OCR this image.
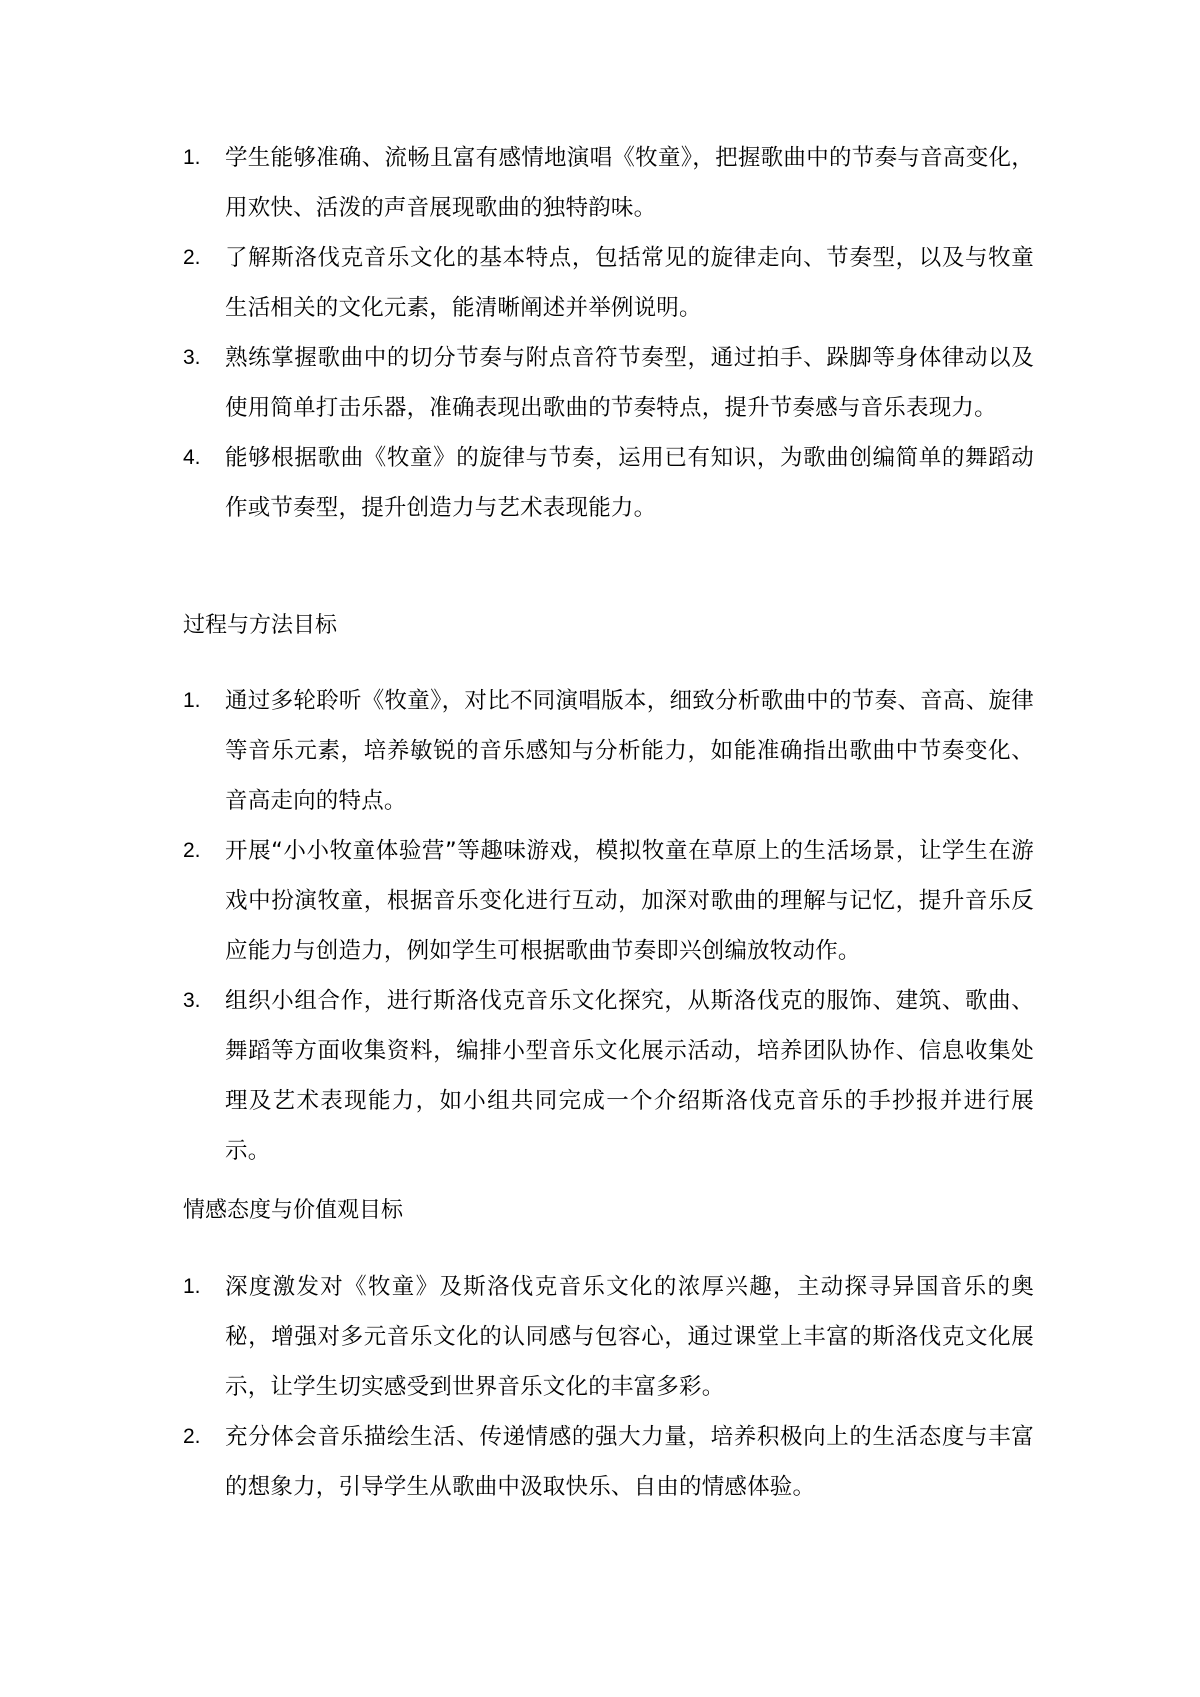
1. 学生能够准确、流畅且富有感情地演唱《牧童》，把握歌曲中的节奏与音高变化，用欢快、活泼的声音展现歌曲的独特韵味。
2. 了解斯洛伐克音乐文化的基本特点，包括常见的旋律走向、节奏型，以及与牧童生活相关的文化元素，能清晰阐述并举例说明。
3. 熟练掌握歌曲中的切分节奏与附点音符节奏型，通过拍手、跺脚等身体律动以及使用简单打击乐器，准确表现出歌曲的节奏特点，提升节奏感与音乐表现力。
4. 能够根据歌曲《牧童》的旋律与节奏，运用已有知识，为歌曲创编简单的舞蹈动作或节奏型，提升创造力与艺术表现能力。
过程与方法目标
1. 通过多轮聆听《牧童》，对比不同演唱版本，细致分析歌曲中的节奏、音高、旋律等音乐元素，培养敏锐的音乐感知与分析能力，如能准确指出歌曲中节奏变化、音高走向的特点。
2. 开展“小小牧童体验营”等趣味游戏，模拟牧童在草原上的生活场景，让学生在游戏中扮演牧童，根据音乐变化进行互动，加深对歌曲的理解与记忆，提升音乐反应能力与创造力，例如学生可根据歌曲节奏即兴创编放牧动作。
3. 组织小组合作，进行斯洛伐克音乐文化探究，从斯洛伐克的服饰、建筑、歌曲、舞蹈等方面收集资料，编排小型音乐文化展示活动，培养团队协作、信息收集处理及艺术表现能力，如小组共同完成一个介绍斯洛伐克音乐的手抄报并进行展示。
情感态度与价值观目标
1. 深度激发对《牧童》及斯洛伐克音乐文化的浓厚兴趣，主动探寻异国音乐的奥秘，增强对多元音乐文化的认同感与包容心，通过课堂上丰富的斯洛伐克文化展示，让学生切实感受到世界音乐文化的丰富多彩。
2. 充分体会音乐描绘生活、传递情感的强大力量，培养积极向上的生活态度与丰富的想象力，引导学生从歌曲中汲取快乐、自由的情感体验。
